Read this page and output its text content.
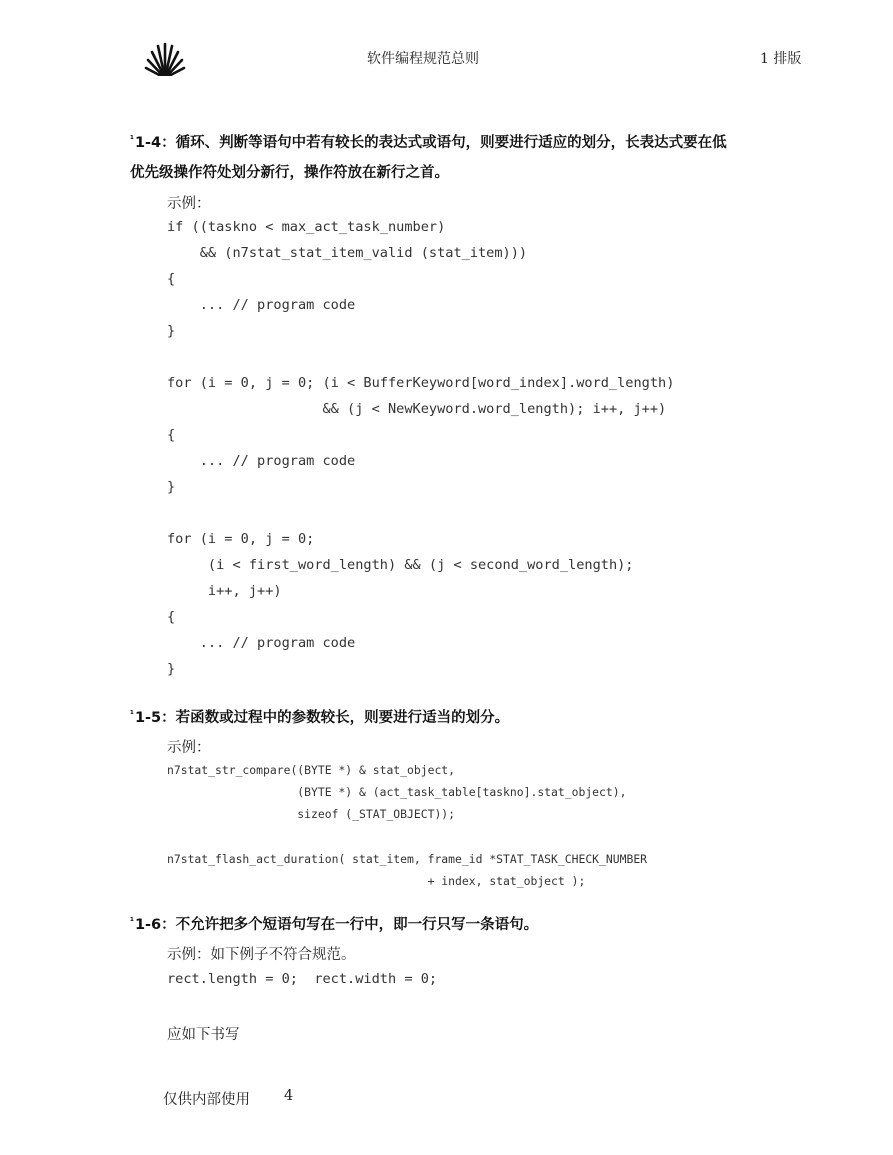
软件编程规范总则	1 排版
$^{^1}$1-4：循环、判断等语句中若有较长的表达式或语句，则要进行适应的划分，长表达式要在低
优先级操作符处划分新行，操作符放在新行之首。
示例：
if ((taskno < max_act_task_number)
&& (n7stat_stat_item_valid (stat_item)))
{
... // program code
}
for (i = 0, j = 0; (i < BufferKeyword[word_index].word_length)
&& (j < NewKeyword.word_length); i++, j++)
{
... // program code
}
for (i = 0, j = 0;
(i < first_word_length) && (j < second_word_length);
i++, j++)
{
... // program code
}
$^{^1}$1-5：若函数或过程中的参数较长，则要进行适当的划分。
示例：
n7stat_str_compare((BYTE *) & stat_object,
(BYTE *) & (act_task_table[taskno].stat_object),
sizeof (_STAT_OBJECT));
n7stat_flash_act_duration( stat_item, frame_id *STAT_TASK_CHECK_NUMBER
+ index, stat_object );
$^{^1}$1-6：不允许把多个短语句写在一行中，即一行只写一条语句。
示例：如下例子不符合规范。
rect.length = 0;  rect.width = 0;
应如下书写
仅供内部使用 4
